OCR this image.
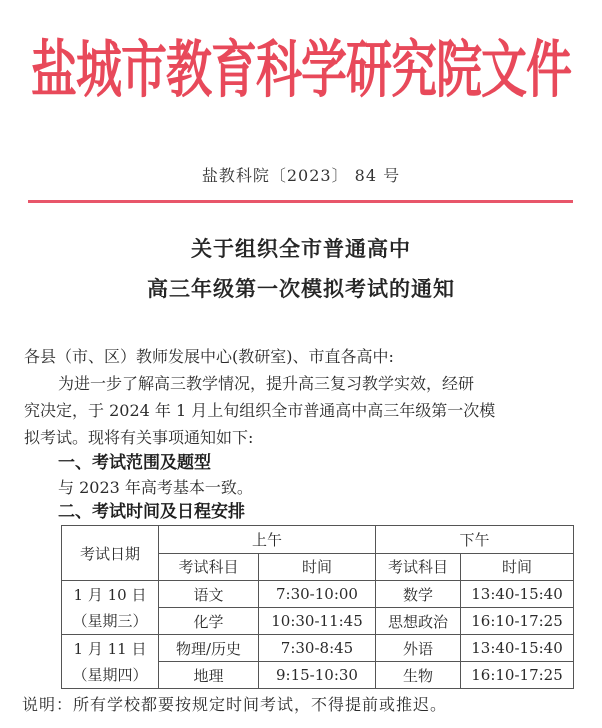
盐城市教育科学研究院文件
盐教科院〔2023〕 84 号
关于组织全市普通高中
高三年级第一次模拟考试的通知
各县（市、区）教师发展中心(教研室)、市直各高中:
为进一步了解高三教学情况，提升高三复习教学实效，经研
究决定，于 2024 年 1 月上旬组织全市普通高中高三年级第一次模
拟考试。现将有关事项通知如下:
一、考试范围及题型
与 2023 年高考基本一致。
二、考试时间及日程安排
考试日期	上午		下午	
	考试科目	时间	考试科目	时间
1 月 10 日	语文	7:30-10:00	数学	13:40-15:40
（星期三）	化学	10:30-11:45	思想政治	16:10-17:25
1 月 11 日	物理/历史	7:30-8:45	外语	13:40-15:40
（星期四）	地理	9:15-10:30	生物	16:10-17:25
说明：所有学校都要按规定时间考试，不得提前或推迟。
